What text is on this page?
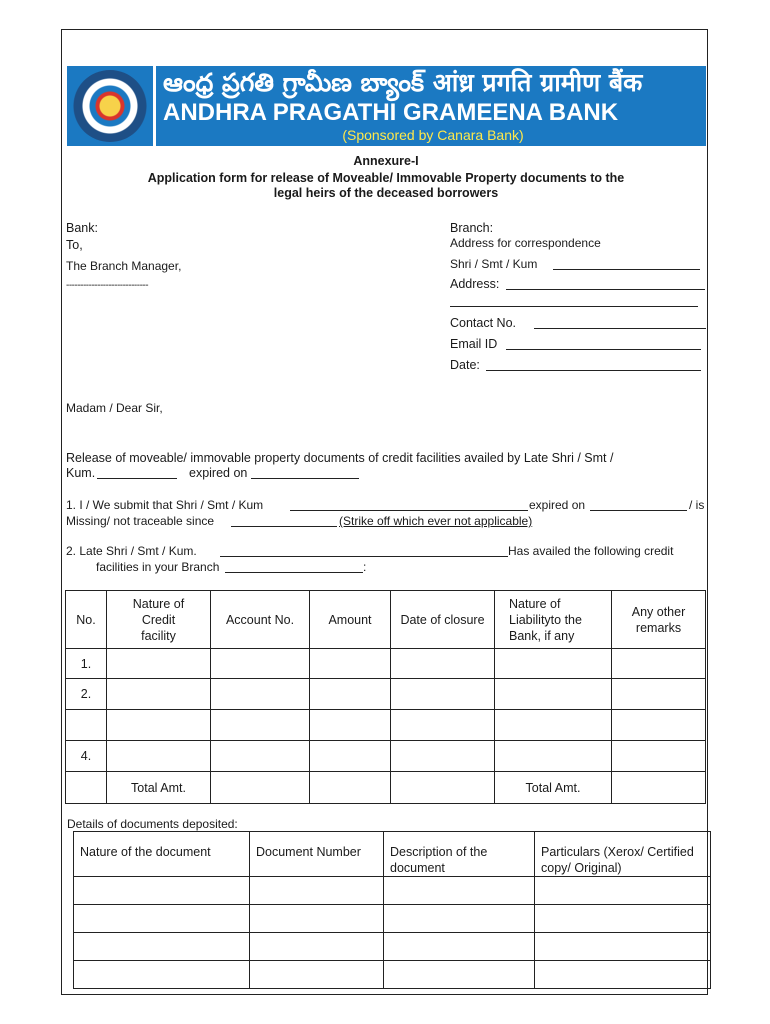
ఆంధ్ర ప్రగతి గ్రామీణ బ్యాంక్ आंध्र प्रगति ग्रामीण बैंक
ANDHRA PRAGATHI GRAMEENA BANK
(Sponsored by Canara Bank)
Annexure-I
Application form for release of Moveable/ Immovable Property documents to the
legal heirs of the deceased borrowers
Bank:
To,
The Branch Manager,
-----------------------------
Branch:
Address for correspondence
Shri / Smt / Kum
Address:
Contact No.
Email ID
Date:
Madam / Dear Sir,
Release of moveable/ immovable property documents of credit facilities availed by Late Shri / Smt /
Kum.	expired on
1. I / We submit that Shri / Smt / Kum	expired on	/ is
Missing/ not traceable since	(Strike off which ever not applicable)
2. Late Shri / Smt / Kum.	Has availed the following credit
facilities in your Branch	:
No.	Nature of Credit facility	Account No.	Amount	Date of closure	Nature of Liabilityto the Bank, if any	Any other remarks
1.						
2.						

4.						
	Total Amt.				Total Amt.	
Details of documents deposited:
Nature of the document	Document Number	Description of the document	Particulars (Xerox/ Certified copy/ Original)
